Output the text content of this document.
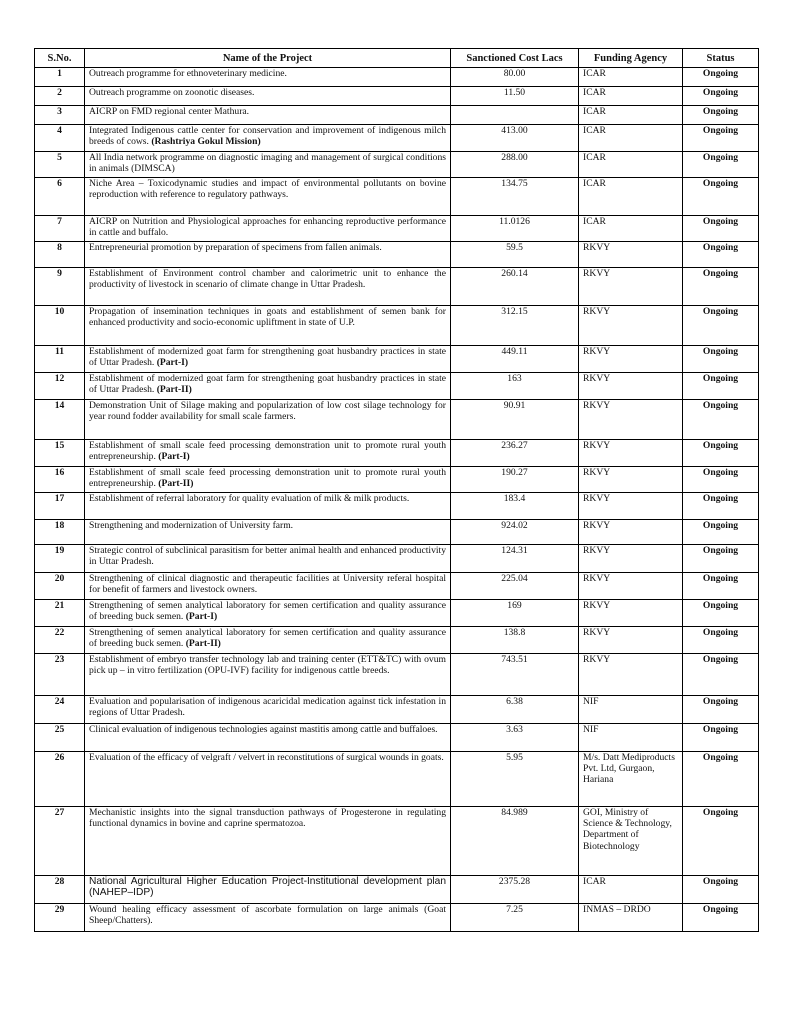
S.No.	Name of the Project	Sanctioned Cost Lacs	Funding Agency	Status
1	Outreach programme for ethnoveterinary medicine.	80.00	ICAR	Ongoing
2	Outreach programme on zoonotic diseases.	11.50	ICAR	Ongoing
3	AICRP on FMD regional center Mathura.		ICAR	Ongoing
4	Integrated Indigenous cattle center for conservation and improvement of indigenous milch breeds of cows. (Rashtriya Gokul Mission)	413.00	ICAR	Ongoing
5	All India network programme on diagnostic imaging and management of surgical conditions in animals (DIMSCA)	288.00	ICAR	Ongoing
6	Niche Area – Toxicodynamic studies and impact of environmental pollutants on bovine reproduction with reference to regulatory pathways.	134.75	ICAR	Ongoing
7	AICRP on Nutrition and Physiological approaches for enhancing reproductive performance in cattle and buffalo.	11.0126	ICAR	Ongoing
8	Entrepreneurial promotion by preparation of specimens from fallen animals.	59.5	RKVY	Ongoing
9	Establishment of Environment control chamber and calorimetric unit to enhance the productivity of livestock in scenario of climate change in Uttar Pradesh.	260.14	RKVY	Ongoing
10	Propagation of insemination techniques in goats and establishment of semen bank for enhanced productivity and socio-economic upliftment in state of U.P.	312.15	RKVY	Ongoing
11	Establishment of modernized goat farm for strengthening goat husbandry practices in state of Uttar Pradesh. (Part-I)	449.11	RKVY	Ongoing
12	Establishment of modernized goat farm for strengthening goat husbandry practices in state of Uttar Pradesh. (Part-II)	163	RKVY	Ongoing
14	Demonstration Unit of Silage making and popularization of low cost silage technology for year round fodder availability for small scale farmers.	90.91	RKVY	Ongoing
15	Establishment of small scale feed processing demonstration unit to promote rural youth entrepreneurship. (Part-I)	236.27	RKVY	Ongoing
16	Establishment of small scale feed processing demonstration unit to promote rural youth entrepreneurship. (Part-II)	190.27	RKVY	Ongoing
17	Establishment of referral laboratory for quality evaluation of milk & milk products.	183.4	RKVY	Ongoing
18	Strengthening and modernization of University farm.	924.02	RKVY	Ongoing
19	Strategic control of subclinical parasitism for better animal health and enhanced productivity in Uttar Pradesh.	124.31	RKVY	Ongoing
20	Strengthening of clinical diagnostic and therapeutic facilities at University referal hospital for benefit of farmers and livestock owners.	225.04	RKVY	Ongoing
21	Strengthening of semen analytical laboratory for semen certification and quality assurance of breeding buck semen. (Part-I)	169	RKVY	Ongoing
22	Strengthening of semen analytical laboratory for semen certification and quality assurance of breeding buck semen. (Part-II)	138.8	RKVY	Ongoing
23	Establishment of embryo transfer technology lab and training center (ETT&TC) with ovum pick up – in vitro fertilization (OPU-IVF) facility for indigenous cattle breeds.	743.51	RKVY	Ongoing
24	Evaluation and popularisation of indigenous acaricidal medication against tick infestation in regions of Uttar Pradesh.	6.38	NIF	Ongoing
25	Clinical evaluation of indigenous technologies against mastitis among cattle and buffaloes.	3.63	NIF	Ongoing
26	Evaluation of the efficacy of velgraft / velvert in reconstitutions of surgical wounds in goats.	5.95	M/s. Datt Mediproducts Pvt. Ltd, Gurgaon, Hariana	Ongoing
27	Mechanistic insights into the signal transduction pathways of Progesterone in regulating functional dynamics in bovine and caprine spermatozoa.	84.989	GOI, Ministry of Science & Technology, Department of Biotechnology	Ongoing
28	National Agricultural Higher Education Project-Institutional development plan (NAHEP–IDP)	2375.28	ICAR	Ongoing
29	Wound healing efficacy assessment of ascorbate formulation on large animals (Goat Sheep/Chatters).	7.25	INMAS – DRDO	Ongoing
